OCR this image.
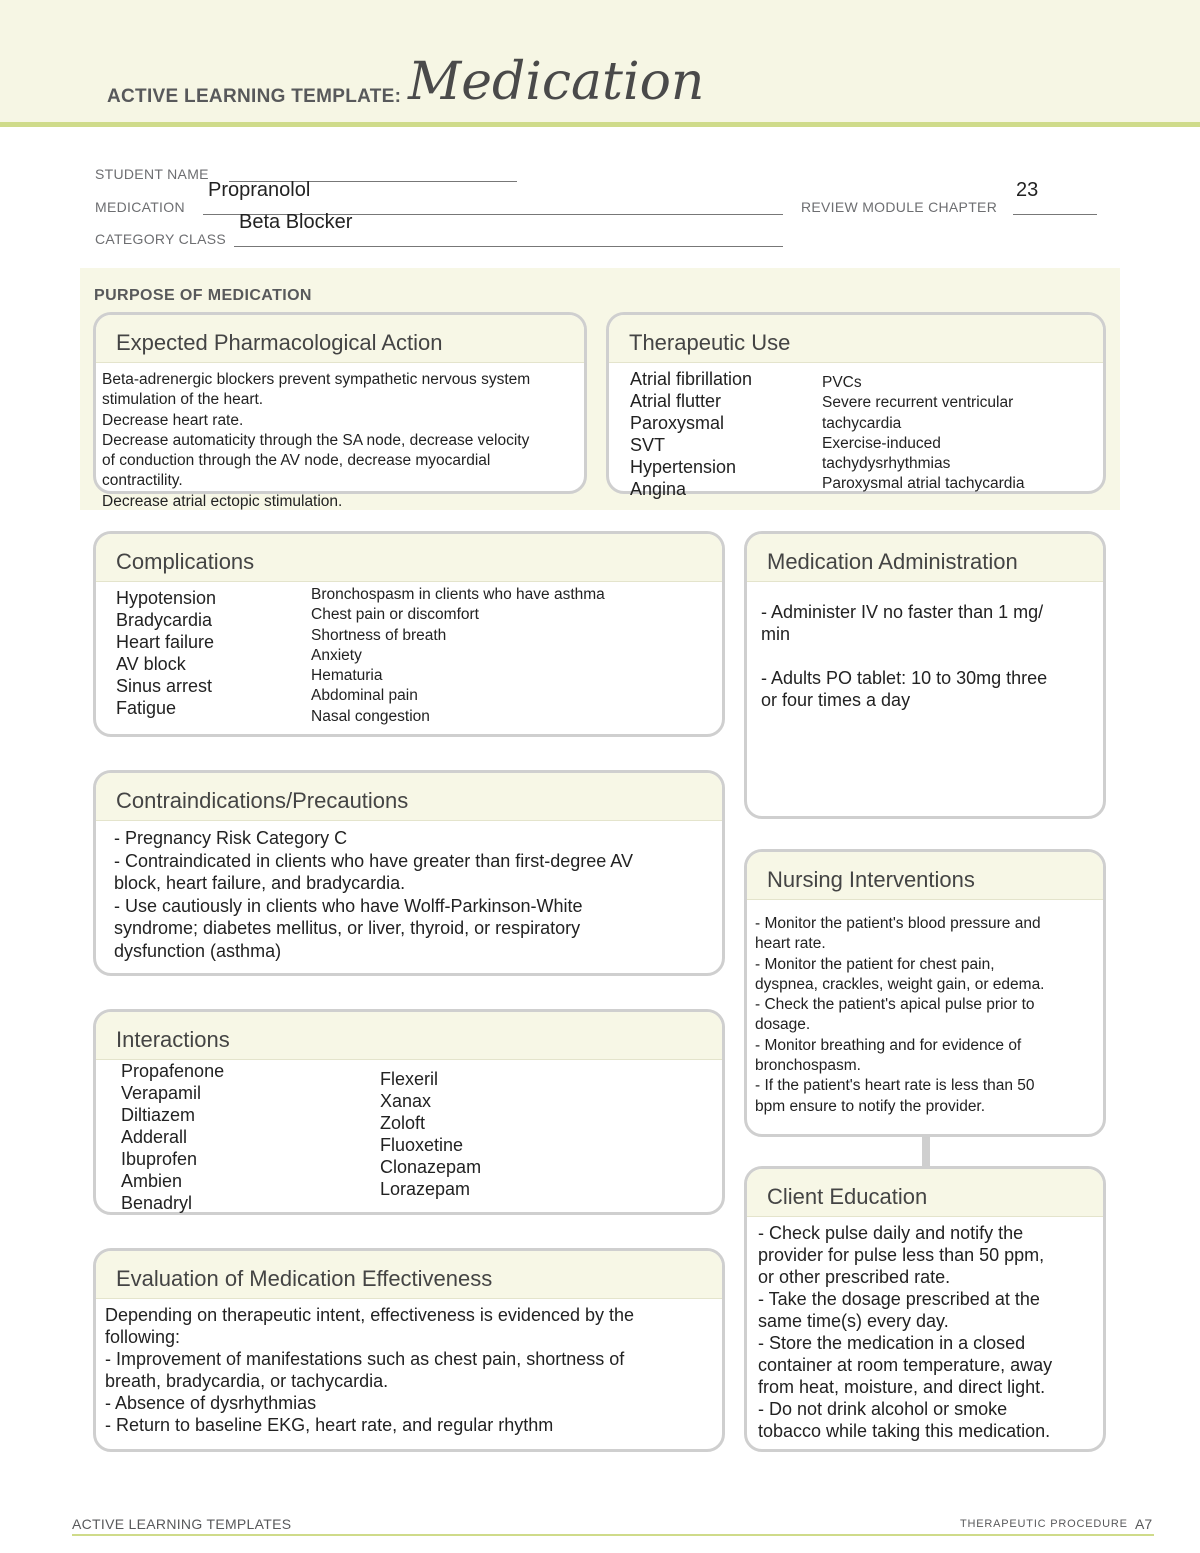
ACTIVE LEARNING TEMPLATE: Medication
STUDENT NAME
MEDICATION
Propranolol
REVIEW MODULE CHAPTER
23
CATEGORY CLASS
Beta Blocker
PURPOSE OF MEDICATION
Expected Pharmacological Action
Beta-adrenergic blockers prevent sympathetic nervous system
stimulation of the heart.
Decrease heart rate.
Decrease automaticity through the SA node, decrease velocity
of conduction through the AV node, decrease myocardial
contractility.
Decrease atrial ectopic stimulation.
Therapeutic Use
Atrial fibrillation
Atrial flutter
Paroxysmal
SVT
Hypertension
Angina
PVCs
Severe recurrent ventricular
tachycardia
Exercise-induced
tachydysrhythmias
Paroxysmal atrial tachycardia
Complications
Hypotension
Bradycardia
Heart failure
AV block
Sinus arrest
Fatigue
Bronchospasm in clients who have asthma
Chest pain or discomfort
Shortness of breath
Anxiety
Hematuria
Abdominal pain
Nasal congestion
Medication Administration
- Administer IV no faster than 1 mg/
min
- Adults PO tablet: 10 to 30mg three
or four times a day
Contraindications/Precautions
- Pregnancy Risk Category C
- Contraindicated in clients who have greater than first-degree AV
block, heart failure, and bradycardia.
- Use cautiously in clients who have Wolff-Parkinson-White
syndrome; diabetes mellitus, or liver, thyroid, or respiratory
dysfunction (asthma)
Nursing Interventions
- Monitor the patient's blood pressure and
heart rate.
- Monitor the patient for chest pain,
dyspnea, crackles, weight gain, or edema.
- Check the patient's apical pulse prior to
dosage.
- Monitor breathing and for evidence of
bronchospasm.
- If the patient's heart rate is less than 50
bpm ensure to notify the provider.
Interactions
Propafenone
Verapamil
Diltiazem
Adderall
Ibuprofen
Ambien
Benadryl
Flexeril
Xanax
Zoloft
Fluoxetine
Clonazepam
Lorazepam	Client Education
- Check pulse daily and notify the
provider for pulse less than 50 ppm,
or other prescribed rate.
- Take the dosage prescribed at the
same time(s) every day.
- Store the medication in a closed
container at room temperature, away
from heat, moisture, and direct light.
- Do not drink alcohol or smoke
tobacco while taking this medication.
Evaluation of Medication Effectiveness
Depending on therapeutic intent, effectiveness is evidenced by the
following:
- Improvement of manifestations such as chest pain, shortness of
breath, bradycardia, or tachycardia.
- Absence of dysrhythmias
- Return to baseline EKG, heart rate, and regular rhythm
ACTIVE LEARNING TEMPLATES	THERAPEUTIC PROCEDURE A7
